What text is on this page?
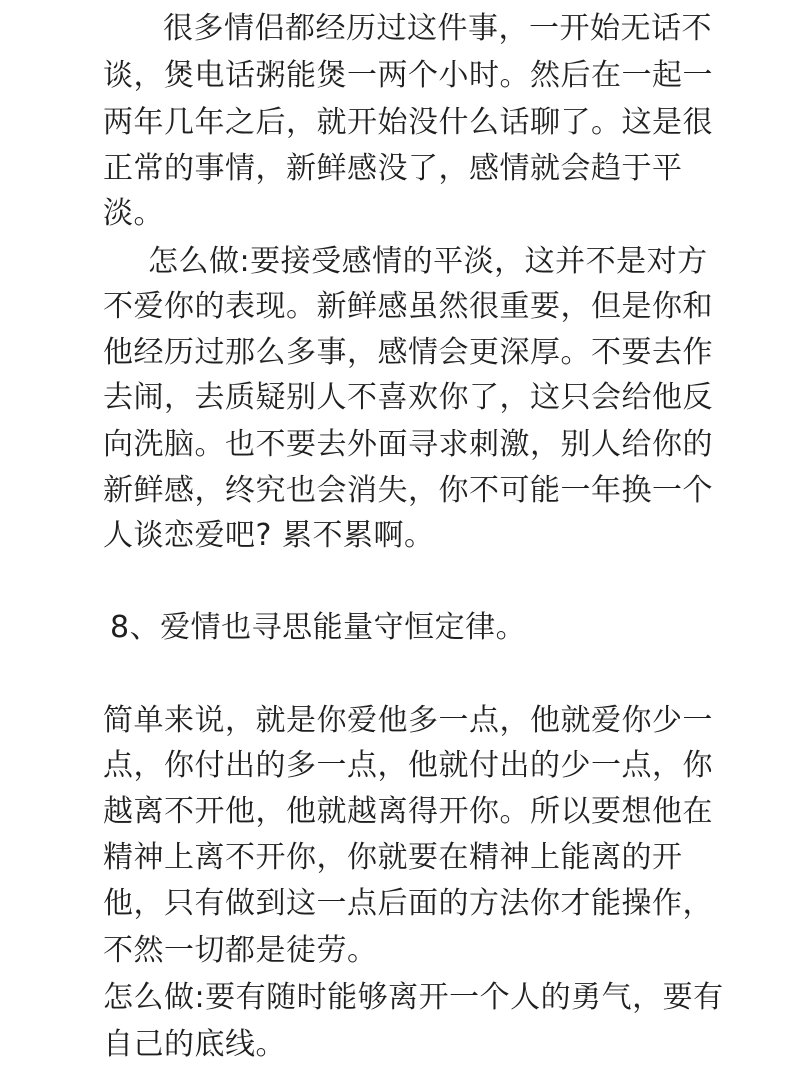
很多情侣都经历过这件事，一开始无话不
谈，煲电话粥能煲一两个小时。然后在一起一
两年几年之后，就开始没什么话聊了。这是很
正常的事情，新鲜感没了，感情就会趋于平
淡。
怎么做:要接受感情的平淡，这并不是对方
不爱你的表现。新鲜感虽然很重要，但是你和
他经历过那么多事，感情会更深厚。不要去作
去闹，去质疑别人不喜欢你了，这只会给他反
向洗脑。也不要去外面寻求刺激，别人给你的
新鲜感，终究也会消失，你不可能一年换一个
人谈恋爱吧? 累不累啊。
8、爱情也寻思能量守恒定律。
简单来说，就是你爱他多一点，他就爱你少一
点，你付出的多一点，他就付出的少一点，你
越离不开他，他就越离得开你。所以要想他在
精神上离不开你，你就要在精神上能离的开
他，只有做到这一点后面的方法你才能操作，
不然一切都是徒劳。
怎么做:要有随时能够离开一个人的勇气，要有
自己的底线。
